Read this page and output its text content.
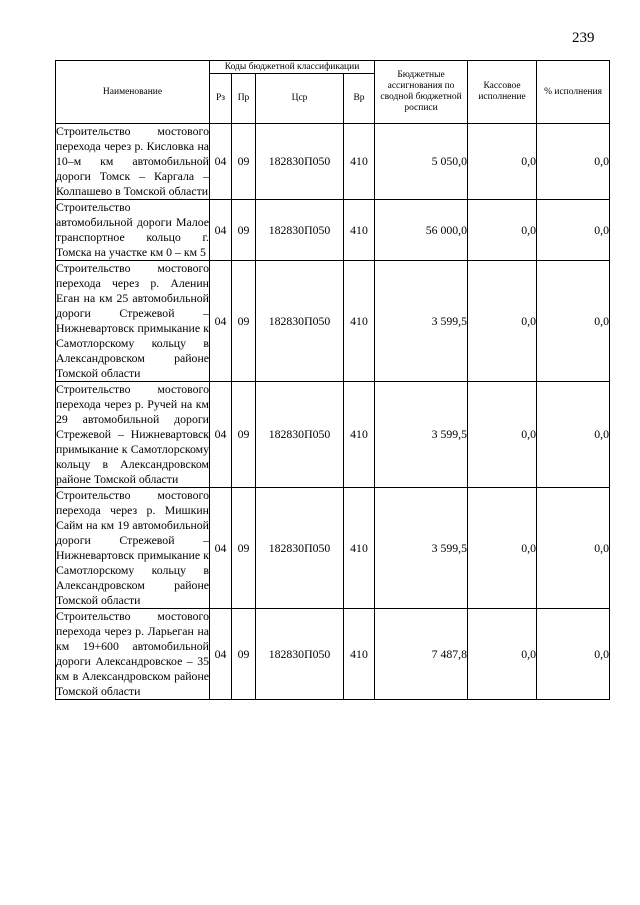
239
Наименование	Коды бюджетной классификации				Бюджетные ассигнования по сводной бюджетной росписи	Кассовое исполнение	% исполнения
	Рз	Пр	Цср	Вр			
Строительство мостового перехода через р. Кисловка на 10–м км автомобильной дороги Томск – Каргала – Колпашево в Томской области	04	09	182830П050	410	5 050,0	0,0	0,0
Строительство автомобильной дороги Малое транспортное кольцо г. Томска на участке км 0 – км 5	04	09	182830П050	410	56 000,0	0,0	0,0
Строительство мостового перехода через р. Аленин Еган на км 25 автомобильной дороги Стрежевой – Нижневартовск примыкание к Самотлорскому кольцу в Александровском районе Томской области	04	09	182830П050	410	3 599,5	0,0	0,0
Строительство мостового перехода через р. Ручей на км 29 автомобильной дороги Стрежевой – Нижневартовск примыкание к Самотлорскому кольцу в Александровском районе Томской области	04	09	182830П050	410	3 599,5	0,0	0,0
Строительство мостового перехода через р. Мишкин Сайм на км 19 автомобильной дороги Стрежевой – Нижневартовск примыкание к Самотлорскому кольцу в Александровском районе Томской области	04	09	182830П050	410	3 599,5	0,0	0,0
Строительство мостового перехода через р. Ларьеган на км 19+600 автомобильной дороги Александровское – 35 км в Александровском районе Томской области	04	09	182830П050	410	7 487,8	0,0	0,0
